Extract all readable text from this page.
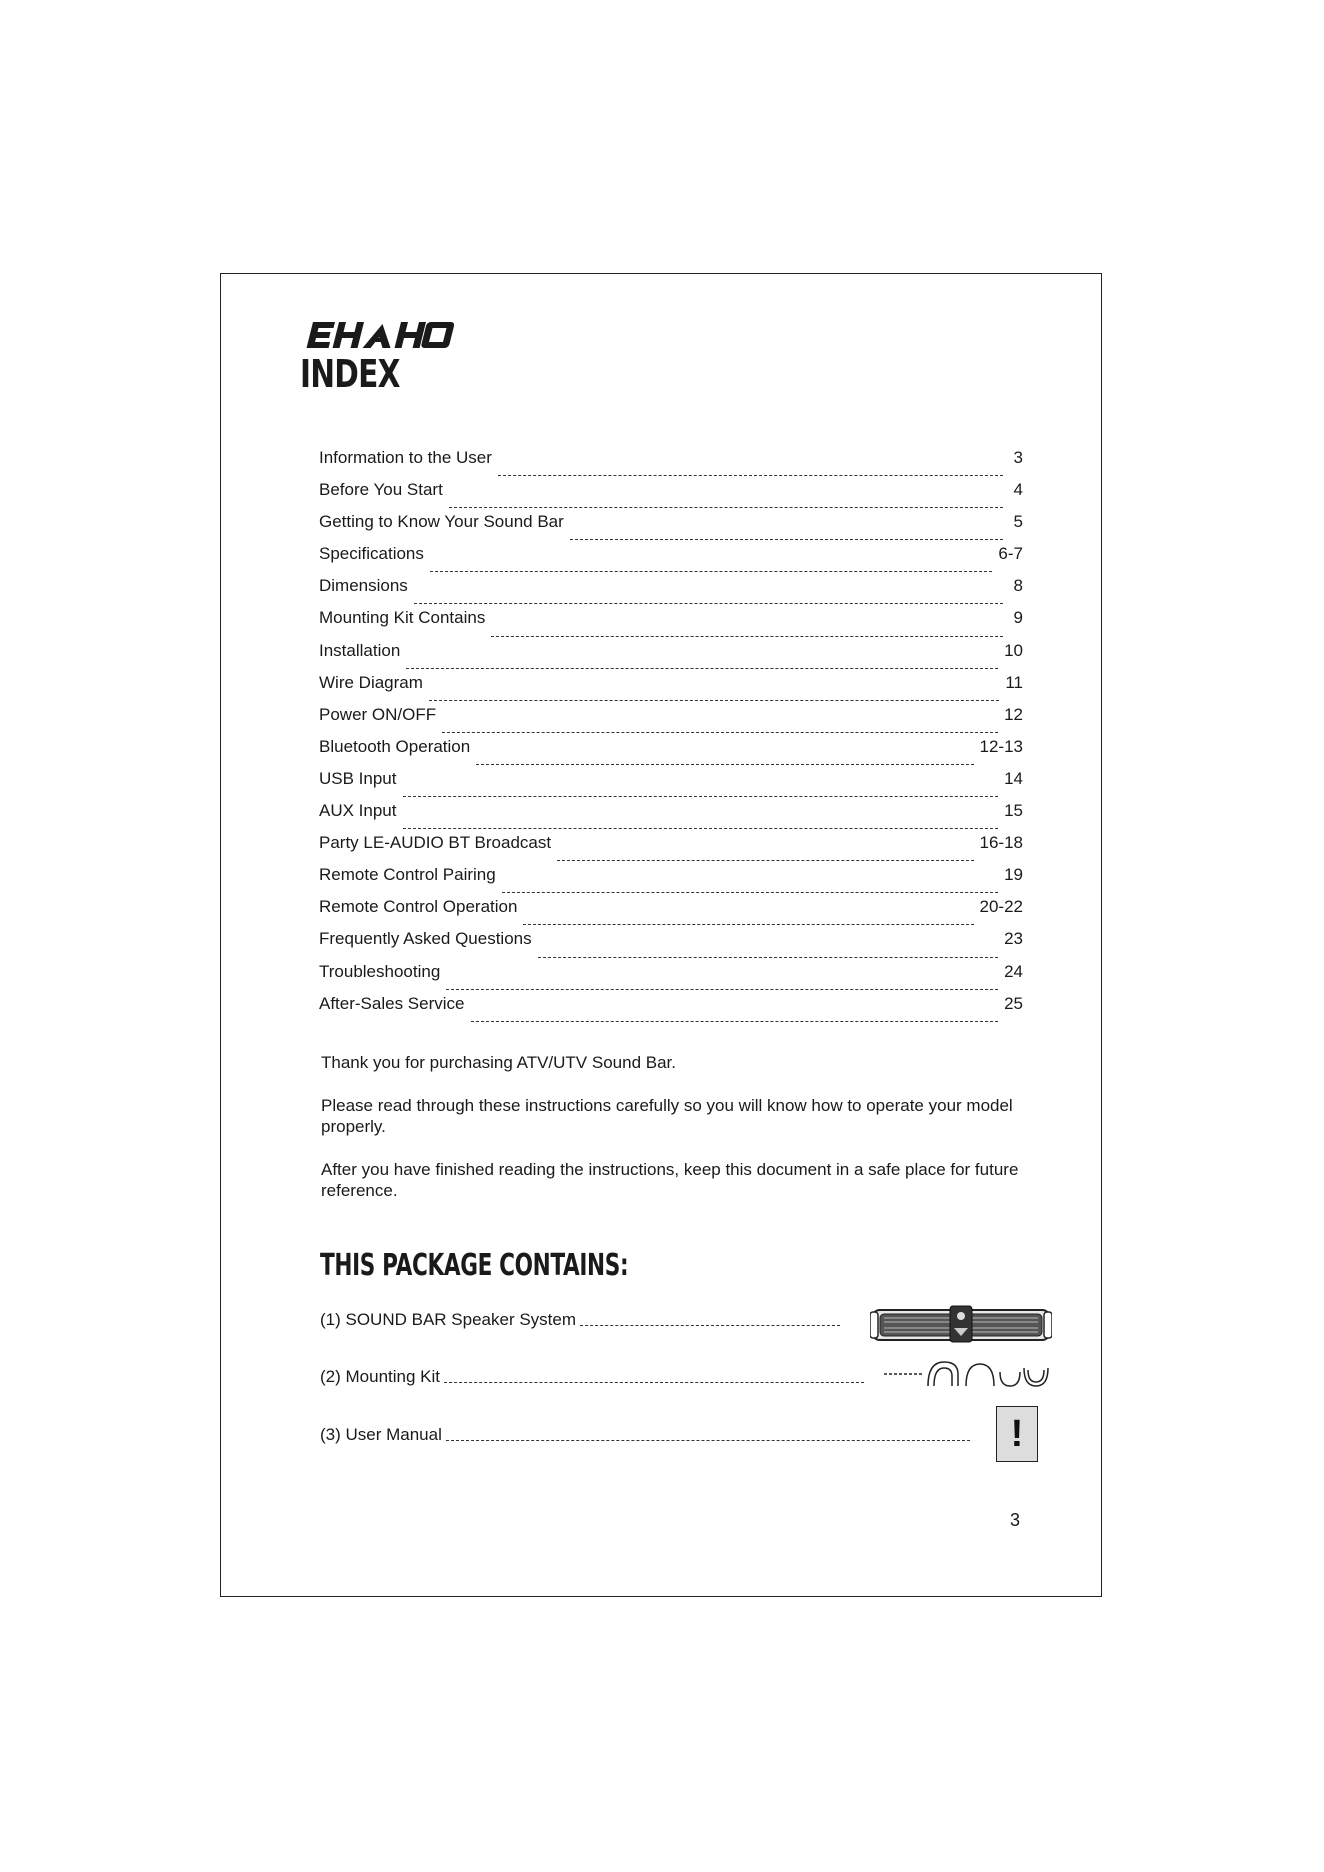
INDEX
Information to the User	3
Before You Start	4
Getting to Know Your Sound Bar	5
Specifications	6-7
Dimensions	8
Mounting Kit Contains	9
Installation	10
Wire Diagram	11
Power ON/OFF	12
Bluetooth Operation	12-13
USB Input	14
AUX Input	15
Party LE-AUDIO BT Broadcast	16-18
Remote Control Pairing	19
Remote Control Operation	20-22
Frequently Asked Questions	23
Troubleshooting	24
After-Sales Service	25

Thank you for purchasing ATV/UTV Sound Bar.

Please read through these instructions carefully so you will know how to operate your model properly.

After you have finished reading the instructions, keep this document in a safe place for future reference.

THIS PACKAGE CONTAINS:
(1) SOUND BAR Speaker System
(2) Mounting Kit
(3) User Manual	!
3
